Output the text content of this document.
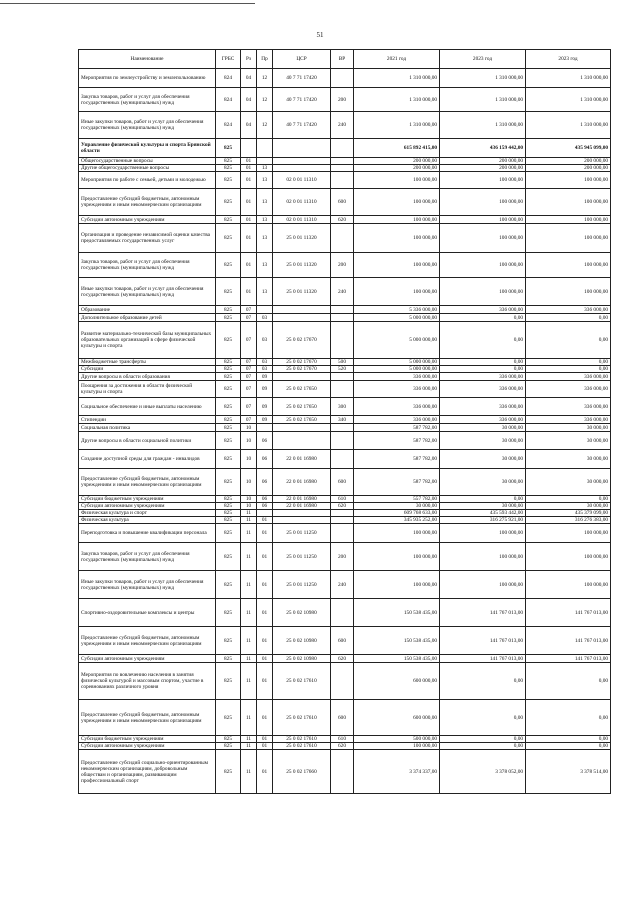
51
Наименование	ГРБС	Рз	Пр	ЦСР	ВР	2021 год	2023 год	2023 год
Мероприятия по землеустройству и землепользованию	824	04	12	40 7 71 17420		1 310 000,00	1 310 000,00	1 310 000,00
Закупка товаров, работ и услуг для обеспечения государственных (муниципальных) нужд	824	04	12	40 7 71 17420	200	1 310 000,00	1 310 000,00	1 310 000,00
Иные закупки товаров, работ и услуг для обеспечения государственных (муниципальных) нужд	824	04	12	40 7 71 17420	240	1 310 000,00	1 310 000,00	1 310 000,00
Управление физической культуры и спорта Брянской области	825					615 892 415,00	436 159 442,00	435 945 099,00
Общегосударственные вопросы	825	01				200 000,00	200 000,00	200 000,00
Другие общегосударственные вопросы	825	01	13			200 000,00	200 000,00	200 000,00
Мероприятия по работе с семьей, детьми и молодежью	825	01	13	02 0 01 11310		100 000,00	100 000,00	100 000,00
Предоставление субсидий бюджетным, автономным учреждениям и иным некоммерческим организациям	825	01	13	02 0 01 11310	600	100 000,00	100 000,00	100 000,00
Субсидии автономным учреждениям	825	01	13	02 0 01 11310	620	100 000,00	100 000,00	100 000,00
Организация и проведение независимой оценки качества предоставляемых государственных услуг	825	01	13	25 0 01 11320		100 000,00	100 000,00	100 000,00
Закупка товаров, работ и услуг для обеспечения государственных (муниципальных) нужд	825	01	13	25 0 01 11320	200	100 000,00	100 000,00	100 000,00
Иные закупки товаров, работ и услуг для обеспечения государственных (муниципальных) нужд	825	01	13	25 0 01 11320	240	100 000,00	100 000,00	100 000,00
Образование	825	07				5 336 000,00	336 000,00	336 000,00
Дополнительное образование детей	825	07	03			5 000 000,00	0,00	0,00
Развитие материально-технической базы муниципальных образовательных организаций в сфере физической культуры и спорта	825	07	03	25 0 02 17670		5 000 000,00	0,00	0,00
Межбюджетные трансферты	825	07	03	25 0 02 17670	500	5 000 000,00	0,00	0,00
Субсидии	825	07	03	25 0 02 17670	520	5 000 000,00	0,00	0,00
Другие вопросы в области образования	825	07	09			336 000,00	336 000,00	336 000,00
Поощрения за достижения в области физической культуры и спорта	825	07	09	25 0 02 17650		336 000,00	336 000,00	336 000,00
Социальное обеспечение и иные выплаты населению	825	07	09	25 0 02 17650	300	336 000,00	336 000,00	336 000,00
Стипендии	825	07	09	25 0 02 17650	340	336 000,00	336 000,00	336 000,00
Социальная политика	825	10				587 782,00	30 000,00	30 000,00
Другие вопросы в области социальной политики	825	10	06			587 782,00	30 000,00	30 000,00
Создание доступной среды для граждан - инвалидов	825	10	06	22 0 01 16980		587 782,00	30 000,00	30 000,00
Предоставление субсидий бюджетным, автономным учреждениям и иным некоммерческим организациям	825	10	06	22 0 01 16980	600	587 782,00	30 000,00	30 000,00
Субсидии бюджетным учреждениям	825	10	06	22 0 01 16980	610	557 782,00	0,00	0,00
Субсидии автономным учреждениям	825	10	06	22 0 01 16980	620	30 000,00	30 000,00	30 000,00
Физическая культура и спорт	825	11				609 768 633,00	435 593 442,00	435 379 099,00
Физическая культура	825	11	01			345 935 252,00	316 275 921,00	316 276 383,00
Переподготовка и повышение квалификации персонала	825	11	01	25 0 01 11250		100 000,00	100 000,00	100 000,00
Закупка товаров, работ и услуг для обеспечения государственных (муниципальных) нужд	825	11	01	25 0 01 11250	200	100 000,00	100 000,00	100 000,00
Иные закупки товаров, работ и услуг для обеспечения государственных (муниципальных) нужд	825	11	01	25 0 01 11250	240	100 000,00	100 000,00	100 000,00
Спортивно-оздоровительные комплексы и центры	825	11	01	25 0 02 10980		150 538 435,00	141 767 013,00	141 767 013,00
Предоставление субсидий бюджетным, автономным учреждениям и иным некоммерческим организациям	825	11	01	25 0 02 10980	600	150 538 435,00	141 767 013,00	141 767 013,00
Субсидии автономным учреждениям	825	11	01	25 0 02 10980	620	150 538 435,00	141 767 013,00	141 767 013,00
Мероприятия по вовлечению населения в занятия физической культурой и массовым спортом, участие в соревнованиях различного уровня	825	11	01	25 0 02 17610		600 000,00	0,00	0,00
Предоставление субсидий бюджетным, автономным учреждениям и иным некоммерческим организациям	825	11	01	25 0 02 17610	600	600 000,00	0,00	0,00
Субсидии бюджетным учреждениям	825	11	01	25 0 02 17610	610	500 000,00	0,00	0,00
Субсидии автономным учреждениям	825	11	01	25 0 02 17610	620	100 000,00	0,00	0,00
Предоставление субсидий социально-ориентированным некоммерческим организациям, добровольным обществам и организациям, развивающим профессиональный спорт	825	11	01	25 0 02 17660		3 374 337,00	3 378 052,00	3 378 514,00
